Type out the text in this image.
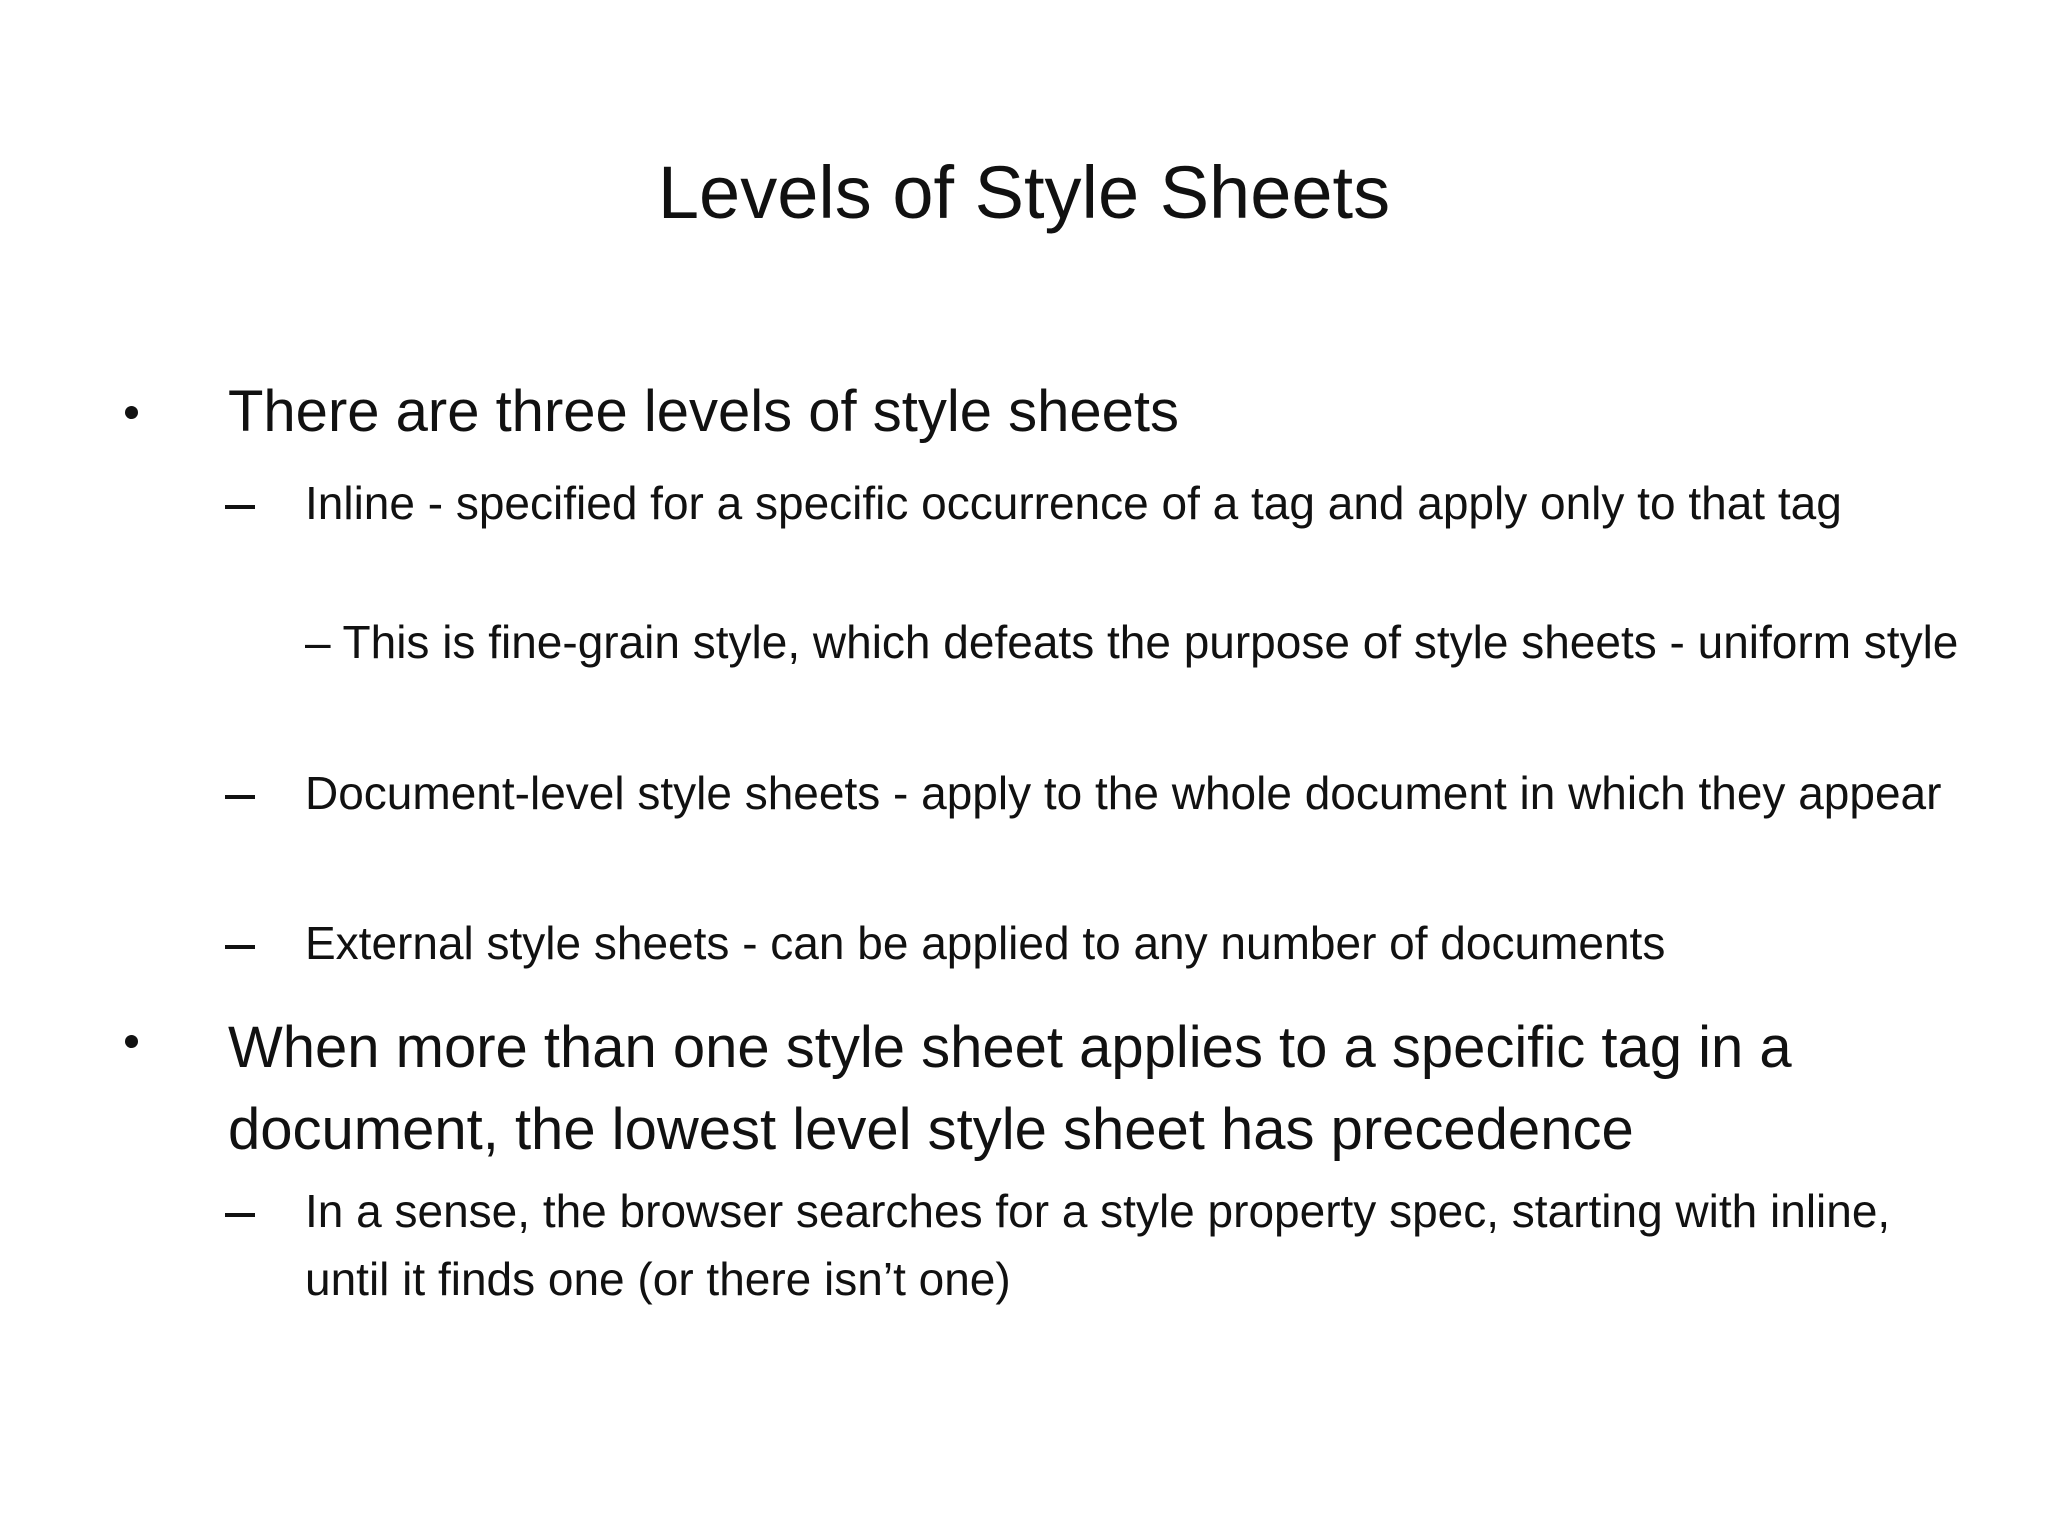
Levels of Style Sheets

There are three levels of style sheets

Inline - specified for a specific occurrence of a tag and apply only to that tag

– This is fine-grain style, which defeats the purpose of style sheets - uniform style

Document-level style sheets - apply to the whole document in which they appear

External style sheets - can be applied to any number of documents

When more than one style sheet applies to a specific tag in a document, the lowest level style sheet has precedence

In a sense, the browser searches for a style property spec, starting with inline, until it finds one (or there isn’t one)
